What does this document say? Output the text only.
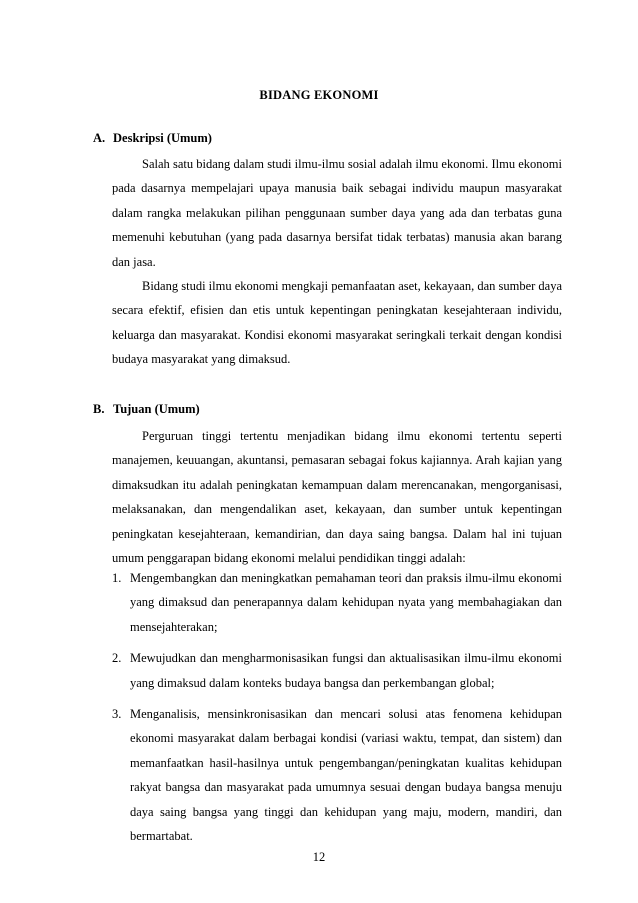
BIDANG EKONOMI
A. Deskripsi (Umum)

Salah satu bidang dalam studi ilmu-ilmu sosial adalah ilmu ekonomi. Ilmu ekonomi pada dasarnya mempelajari upaya manusia baik sebagai individu maupun masyarakat dalam rangka melakukan pilihan penggunaan sumber daya yang ada dan terbatas guna memenuhi kebutuhan (yang pada dasarnya bersifat tidak terbatas) manusia akan barang dan jasa.

Bidang studi ilmu ekonomi mengkaji pemanfaatan aset, kekayaan, dan sumber daya secara efektif, efisien dan etis untuk kepentingan peningkatan kesejahteraan individu, keluarga dan masyarakat. Kondisi ekonomi masyarakat seringkali terkait dengan kondisi budaya masyarakat yang dimaksud.

B. Tujuan (Umum)

Perguruan tinggi tertentu menjadikan bidang ilmu ekonomi tertentu seperti manajemen, keuuangan, akuntansi, pemasaran sebagai fokus kajiannya. Arah kajian yang dimaksudkan itu adalah peningkatan kemampuan dalam merencanakan, mengorganisasi, melaksanakan, dan mengendalikan aset, kekayaan, dan sumber untuk kepentingan peningkatan kesejahteraan, kemandirian, dan daya saing bangsa. Dalam hal ini tujuan umum penggarapan bidang ekonomi melalui pendidikan tinggi adalah:

1. Mengembangkan dan meningkatkan pemahaman teori dan praksis ilmu-ilmu ekonomi yang dimaksud dan penerapannya dalam kehidupan nyata yang membahagiakan dan mensejahterakan;
2. Mewujudkan dan mengharmonisasikan fungsi dan aktualisasikan ilmu-ilmu ekonomi yang dimaksud dalam konteks budaya bangsa dan perkembangan global;
3. Menganalisis, mensinkronisasikan dan mencari solusi atas fenomena kehidupan ekonomi masyarakat dalam berbagai kondisi (variasi waktu, tempat, dan sistem) dan memanfaatkan hasil-hasilnya untuk pengembangan/peningkatan kualitas kehidupan rakyat bangsa dan masyarakat pada umumnya sesuai dengan budaya bangsa menuju daya saing bangsa yang tinggi dan kehidupan yang maju, modern, mandiri, dan bermartabat.
12
